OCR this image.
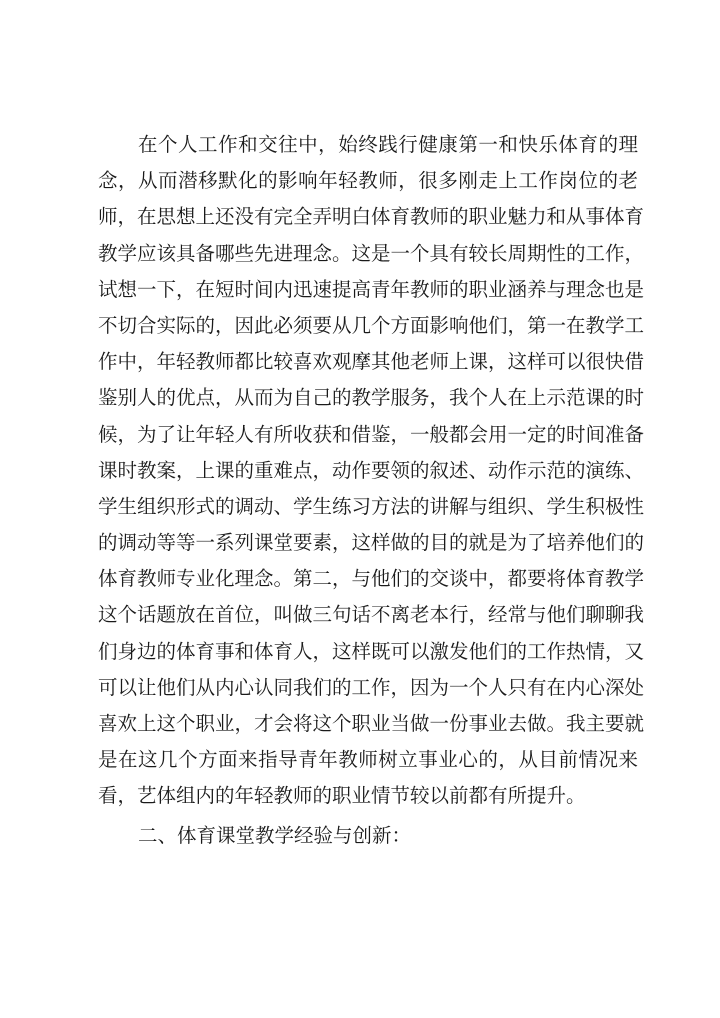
在个人工作和交往中，始终践行健康第一和快乐体育的理
念，从而潜移默化的影响年轻教师，很多刚走上工作岗位的老
师，在思想上还没有完全弄明白体育教师的职业魅力和从事体育
教学应该具备哪些先进理念。这是一个具有较长周期性的工作，
试想一下，在短时间内迅速提高青年教师的职业涵养与理念也是
不切合实际的，因此必须要从几个方面影响他们，第一在教学工
作中，年轻教师都比较喜欢观摩其他老师上课，这样可以很快借
鉴别人的优点，从而为自己的教学服务，我个人在上示范课的时
候，为了让年轻人有所收获和借鉴，一般都会用一定的时间准备
课时教案，上课的重难点，动作要领的叙述、动作示范的演练、
学生组织形式的调动、学生练习方法的讲解与组织、学生积极性
的调动等等一系列课堂要素，这样做的目的就是为了培养他们的
体育教师专业化理念。第二，与他们的交谈中，都要将体育教学
这个话题放在首位，叫做三句话不离老本行，经常与他们聊聊我
们身边的体育事和体育人，这样既可以激发他们的工作热情，又
可以让他们从内心认同我们的工作，因为一个人只有在内心深处
喜欢上这个职业，才会将这个职业当做一份事业去做。我主要就
是在这几个方面来指导青年教师树立事业心的，从目前情况来
看，艺体组内的年轻教师的职业情节较以前都有所提升。
二、体育课堂教学经验与创新：
